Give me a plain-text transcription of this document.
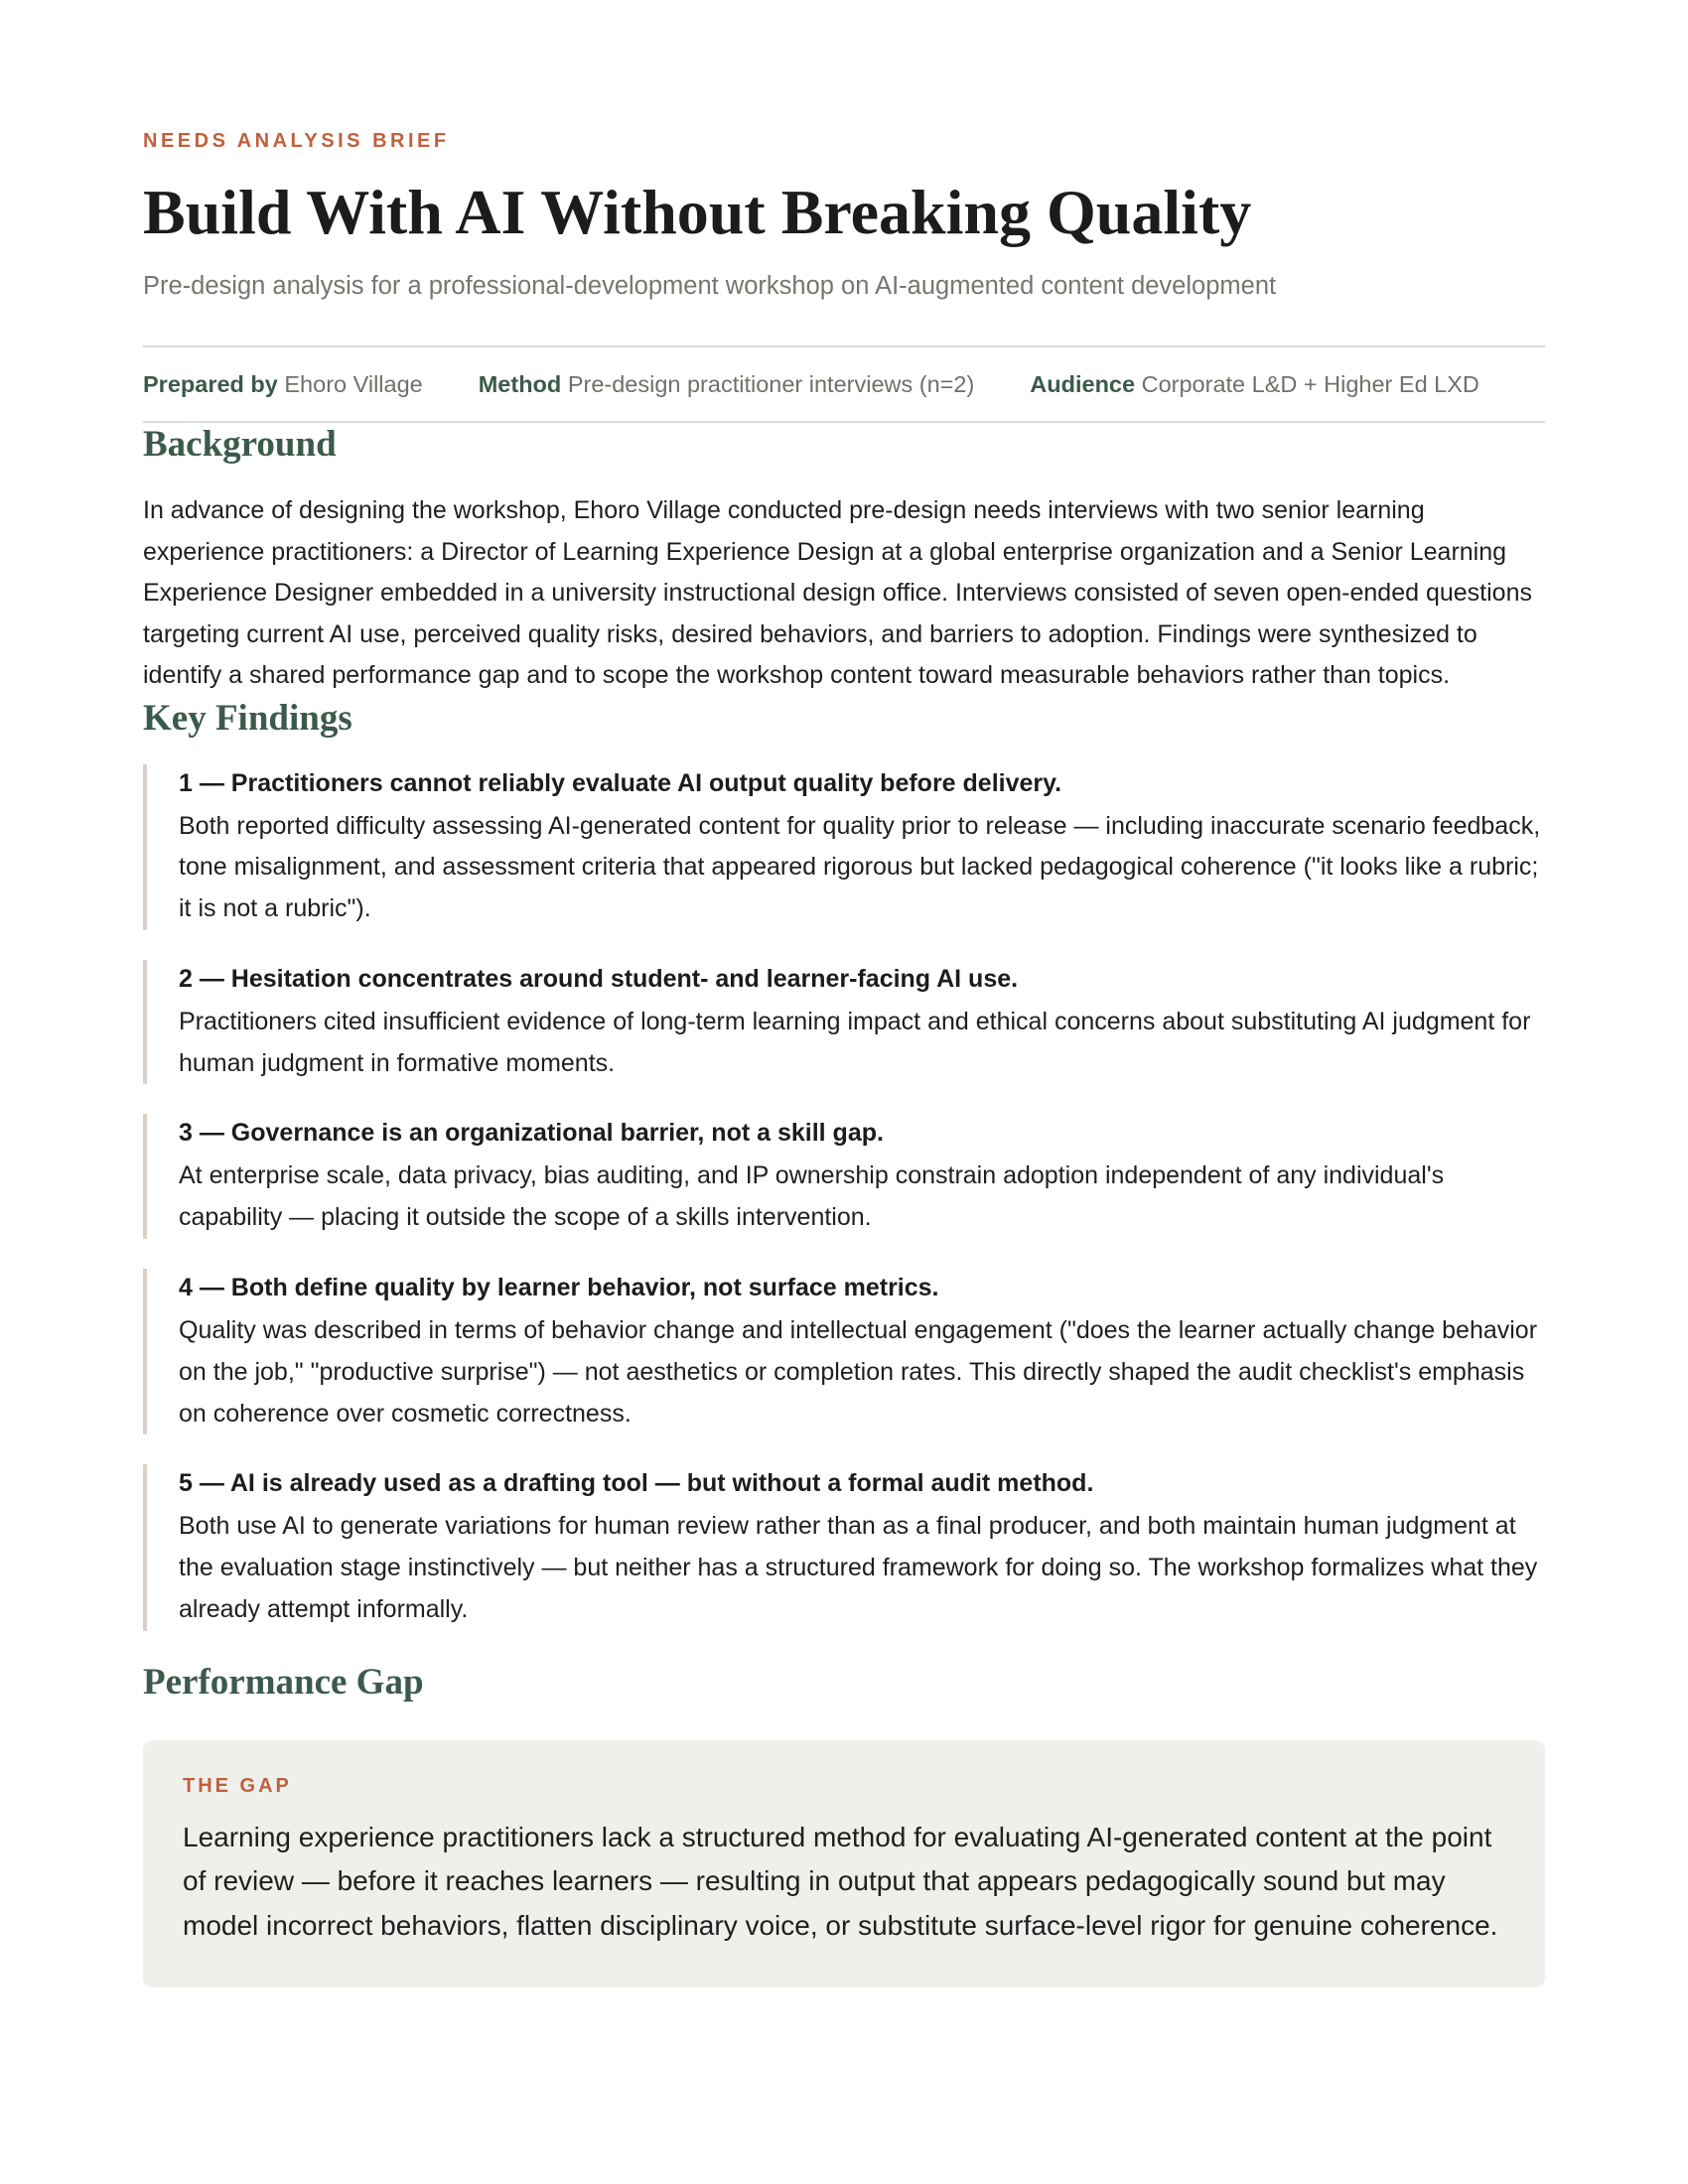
NEEDS ANALYSIS BRIEF
Build With AI Without Breaking Quality
Pre-design analysis for a professional-development workshop on AI-augmented content development
Prepared by Ehoro Village Method Pre-design practitioner interviews (n=2) Audience Corporate L&D + Higher Ed LXD
Background

In advance of designing the workshop, Ehoro Village conducted pre-design needs interviews with two senior learning experience practitioners: a Director of Learning Experience Design at a global enterprise organization and a Senior Learning Experience Designer embedded in a university instructional design office. Interviews consisted of seven open-ended questions targeting current AI use, perceived quality risks, desired behaviors, and barriers to adoption. Findings were synthesized to identify a shared performance gap and to scope the workshop content toward measurable behaviors rather than topics.

Key Findings
1 — Practitioners cannot reliably evaluate AI output quality before delivery.
Both reported difficulty assessing AI-generated content for quality prior to release — including inaccurate scenario feedback, tone misalignment, and assessment criteria that appeared rigorous but lacked pedagogical coherence ("it looks like a rubric; it is not a rubric").
2 — Hesitation concentrates around student- and learner-facing AI use.
Practitioners cited insufficient evidence of long-term learning impact and ethical concerns about substituting AI judgment for human judgment in formative moments.
3 — Governance is an organizational barrier, not a skill gap.
At enterprise scale, data privacy, bias auditing, and IP ownership constrain adoption independent of any individual's capability — placing it outside the scope of a skills intervention.
4 — Both define quality by learner behavior, not surface metrics.
Quality was described in terms of behavior change and intellectual engagement ("does the learner actually change behavior on the job," "productive surprise") — not aesthetics or completion rates. This directly shaped the audit checklist's emphasis on coherence over cosmetic correctness.
5 — AI is already used as a drafting tool — but without a formal audit method.
Both use AI to generate variations for human review rather than as a final producer, and both maintain human judgment at the evaluation stage instinctively — but neither has a structured framework for doing so. The workshop formalizes what they already attempt informally.
Performance Gap
THE GAP
Learning experience practitioners lack a structured method for evaluating AI-generated content at the point of review — before it reaches learners — resulting in output that appears pedagogically sound but may model incorrect behaviors, flatten disciplinary voice, or substitute surface-level rigor for genuine coherence.
